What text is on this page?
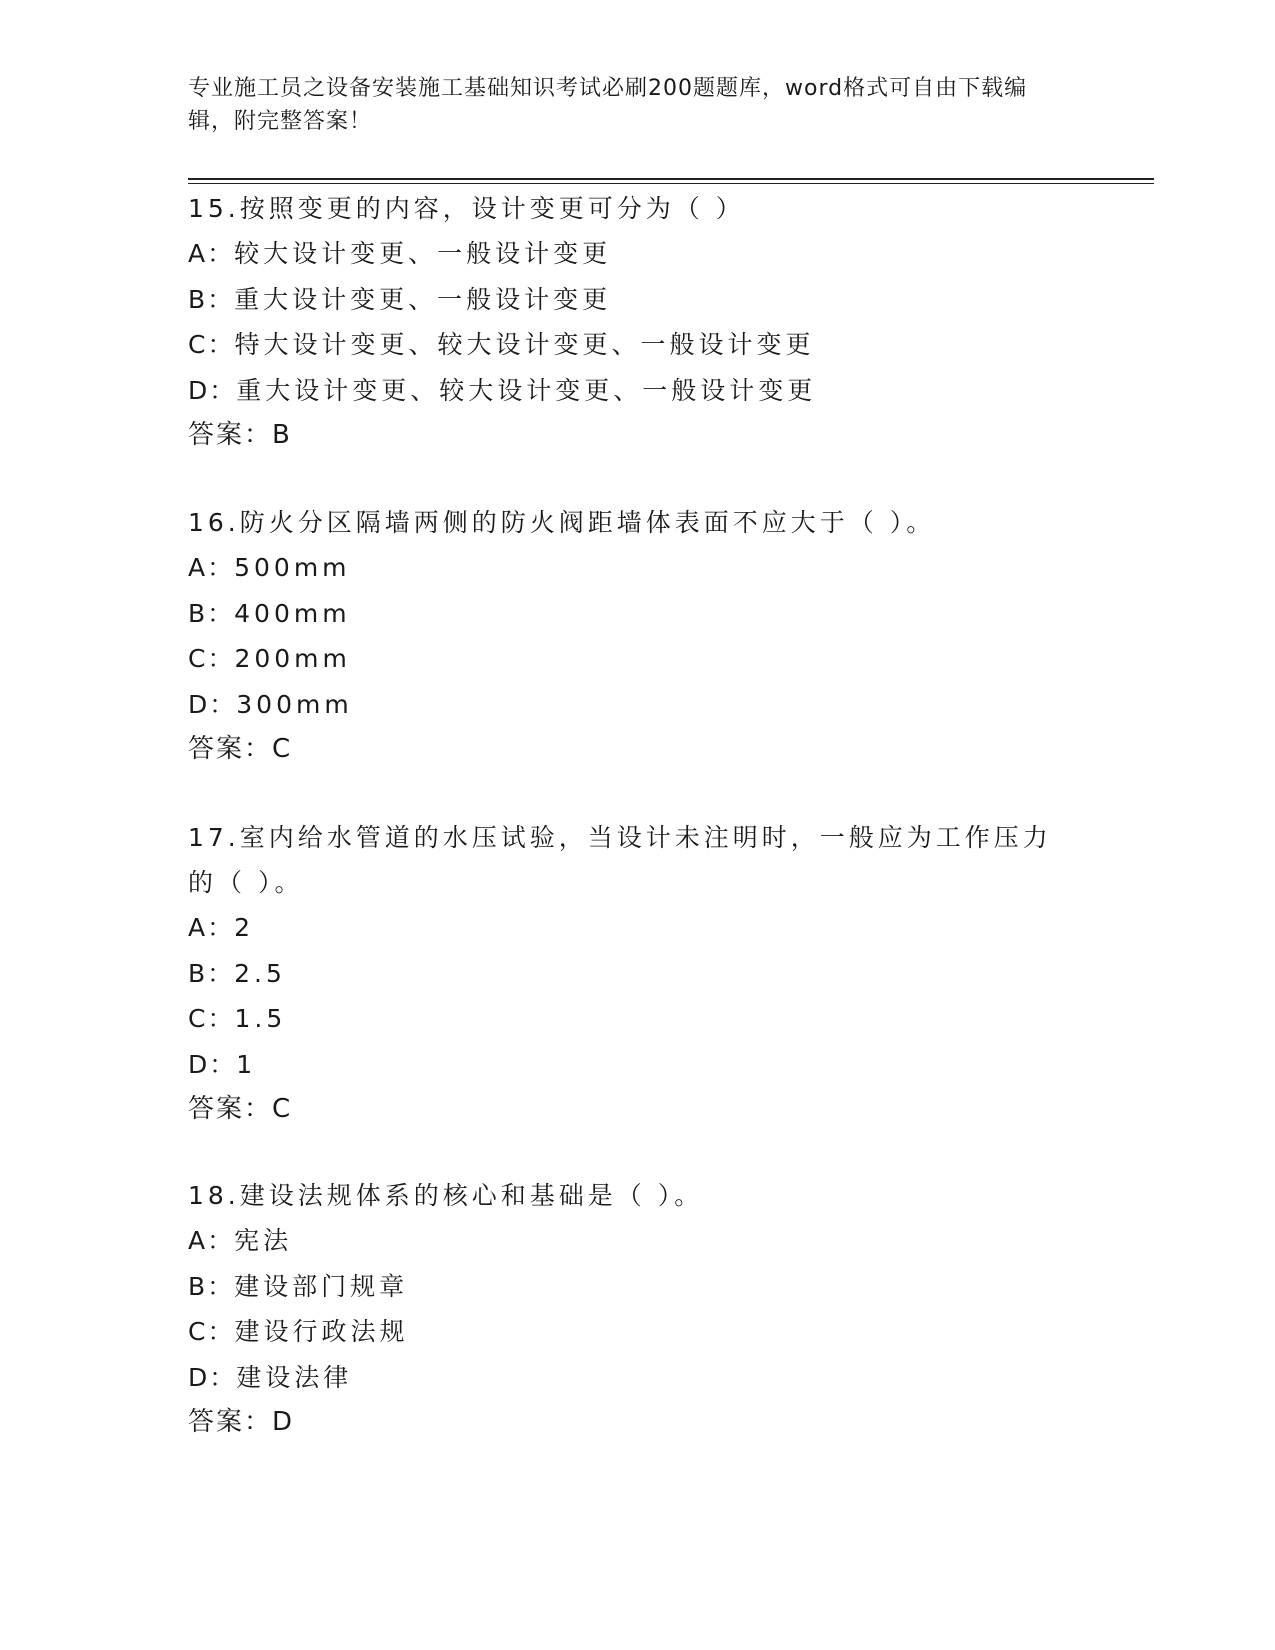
专业施工员之设备安装施工基础知识考试必刷200题题库，word格式可自由下载编辑，附完整答案！

15.按照变更的内容，设计变更可分为（ ）

A：较大设计变更、一般设计变更
B：重大设计变更、一般设计变更
C：特大设计变更、较大设计变更、一般设计变更
D：重大设计变更、较大设计变更、一般设计变更
答案：B

16.防火分区隔墙两侧的防火阀距墙体表面不应大于（ ）。

A：500mm
B：400mm
C：200mm
D：300mm
答案：C

17.室内给水管道的水压试验，当设计未注明时，一般应为工作压力的（ ）。

A：2
B：2.5
C：1.5
D：1
答案：C

18.建设法规体系的核心和基础是（ ）。

A：宪法
B：建设部门规章
C：建设行政法规
D：建设法律
答案：D
